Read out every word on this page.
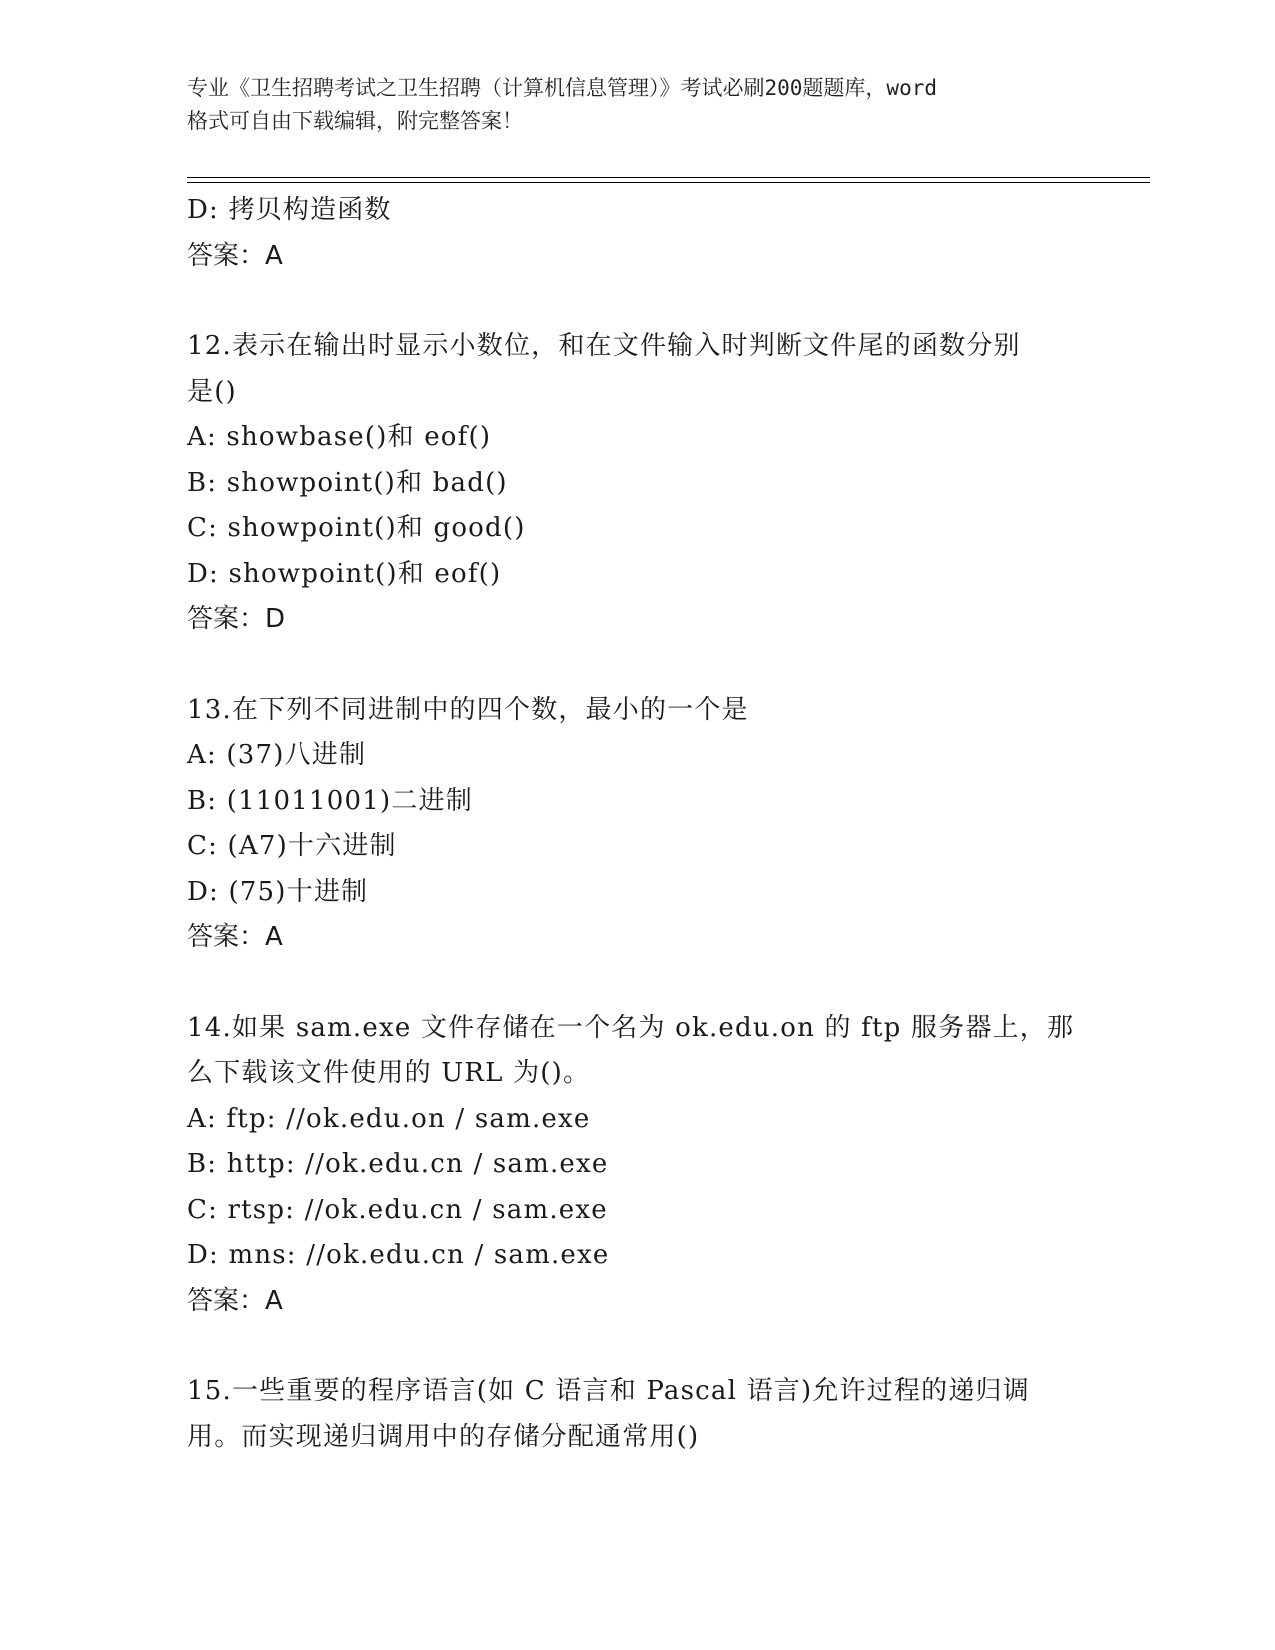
专业《卫生招聘考试之卫生招聘（计算机信息管理）》考试必刷200题题库，word
格式可自由下载编辑，附完整答案！
D: 拷贝构造函数
答案：A
12.表示在输出时显示小数位，和在文件输入时判断文件尾的函数分别
是()
A: showbase()和 eof()
B: showpoint()和 bad()
C: showpoint()和 good()
D: showpoint()和 eof()
答案：D
13.在下列不同进制中的四个数，最小的一个是
A: (37)八进制
B: (11011001)二进制
C: (A7)十六进制
D: (75)十进制
答案：A
14.如果 sam.exe 文件存储在一个名为 ok.edu.on 的 ftp 服务器上，那
么下载该文件使用的 URL 为()。
A: ftp: //ok.edu.on / sam.exe
B: http: //ok.edu.cn / sam.exe
C: rtsp: //ok.edu.cn / sam.exe
D: mns: //ok.edu.cn / sam.exe
答案：A
15.一些重要的程序语言(如 C 语言和 Pascal 语言)允许过程的递归调
用。而实现递归调用中的存储分配通常用()
